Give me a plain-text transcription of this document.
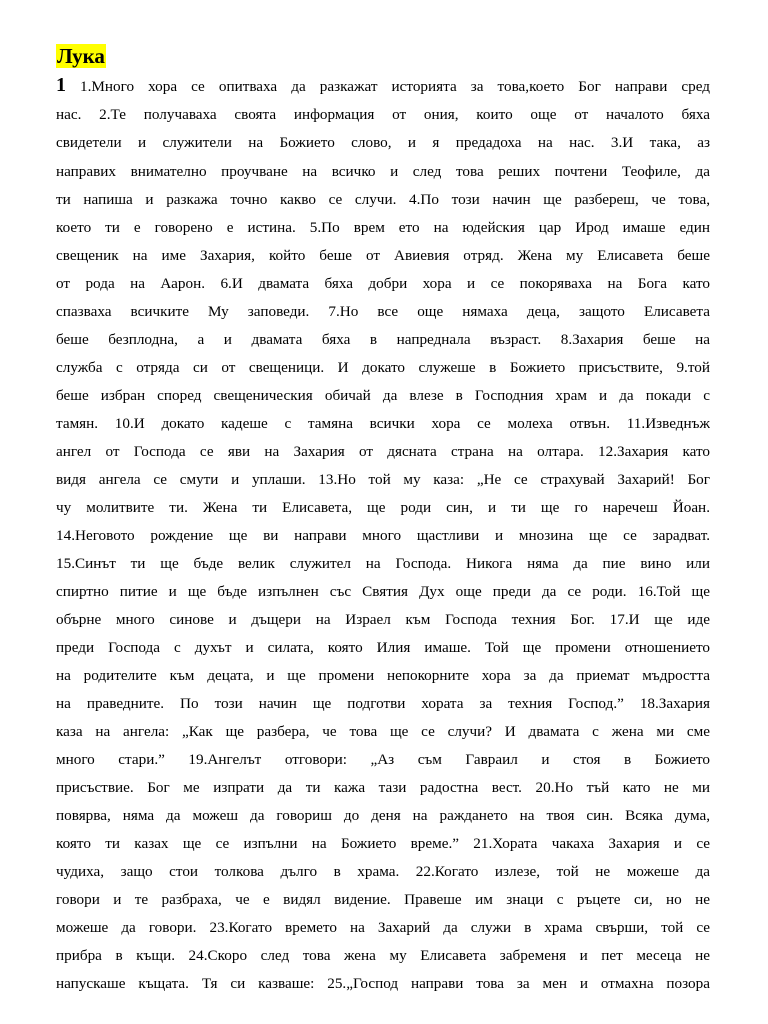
Лука
1 1.Много хора се опитваха да разкажат историята за това,което Бог направи сред
нас. 2.Те получаваха своята информация от ония, които още от началото бяха
свидетели и служители на Божието слово, и я предадоха на нас. 3.И така, аз
направих внимателно проучване на всичко и след това реших почтени Теофиле, да
ти напиша и разкажа точно какво се случи. 4.По този начин ще разбереш, че това,
което ти е говорено е истина. 5.По врем ето на юдейския цар Ирод имаше един
свещеник на име Захария, който беше от Авиевия отряд. Жена му Елисавета беше
от рода на Аарон. 6.И двамата бяха добри хора и се покоряваха на Бога като
спазваха всичките Му заповеди. 7.Но все още нямаха деца, защото Елисавета
беше безплодна, а и двамата бяха в напреднала възраст. 8.Захария беше на
служба с отряда си от свещеници. И докато служеше в Божието присъствите, 9.той
беше избран според свещеническия обичай да влезе в Господния храм и да покади с
тамян. 10.И докато кадеше с тамяна всички хора се молеха отвън. 11.Изведнъж
ангел от Господа се яви на Захария от дясната страна на олтара. 12.Захария като
видя ангела се смути и уплаши. 13.Но той му каза: „Не се страхувай Захарий! Бог
чу молитвите ти. Жена ти Елисавета, ще роди син, и ти ще го наречеш Йоан.
14.Неговото рождение ще ви направи много щастливи и мнозина ще се зарадват.
15.Синът ти ще бъде велик служител на Господа. Никога няма да пие вино или
спиртно питие и ще бъде изпълнен със Святия Дух още преди да се роди. 16.Той ще
обърне много синове и дъщери на Израел към Господа техния Бог. 17.И ще иде
преди Господа с духът и силата, която Илия имаше. Той ще промени отношението
на родителите към децата, и ще промени непокорните хора за да приемат мъдростта
на праведните. По този начин ще подготви хората за техния Господ.” 18.Захария
каза на ангела: „Как ще разбера, че това ще се случи? И двамата с жена ми сме
много стари.” 19.Ангелът отговори: „Аз съм Гавраил и стоя в Божието
присъствие. Бог ме изпрати да ти кажа тази радостна вест. 20.Но тъй като не ми
повярва, няма да можеш да говориш до деня на раждането на твоя син. Всяка дума,
която ти казах ще се изпълни на Божието време.” 21.Хората чакаха Захария и се
чудиха, защо стои толкова дълго в храма. 22.Когато излезе, той не можеше да
говори и те разбраха, че е видял видение. Правеше им знаци с ръцете си, но не
можеше да говори. 23.Когато времето на Захарий да служи в храма свърши, той се
прибра в къщи. 24.Скоро след това жена му Елисавета забременя и пет месеца не
напускаше къщата. Тя си казваше: 25.„Господ направи това за мен и отмахна позора
